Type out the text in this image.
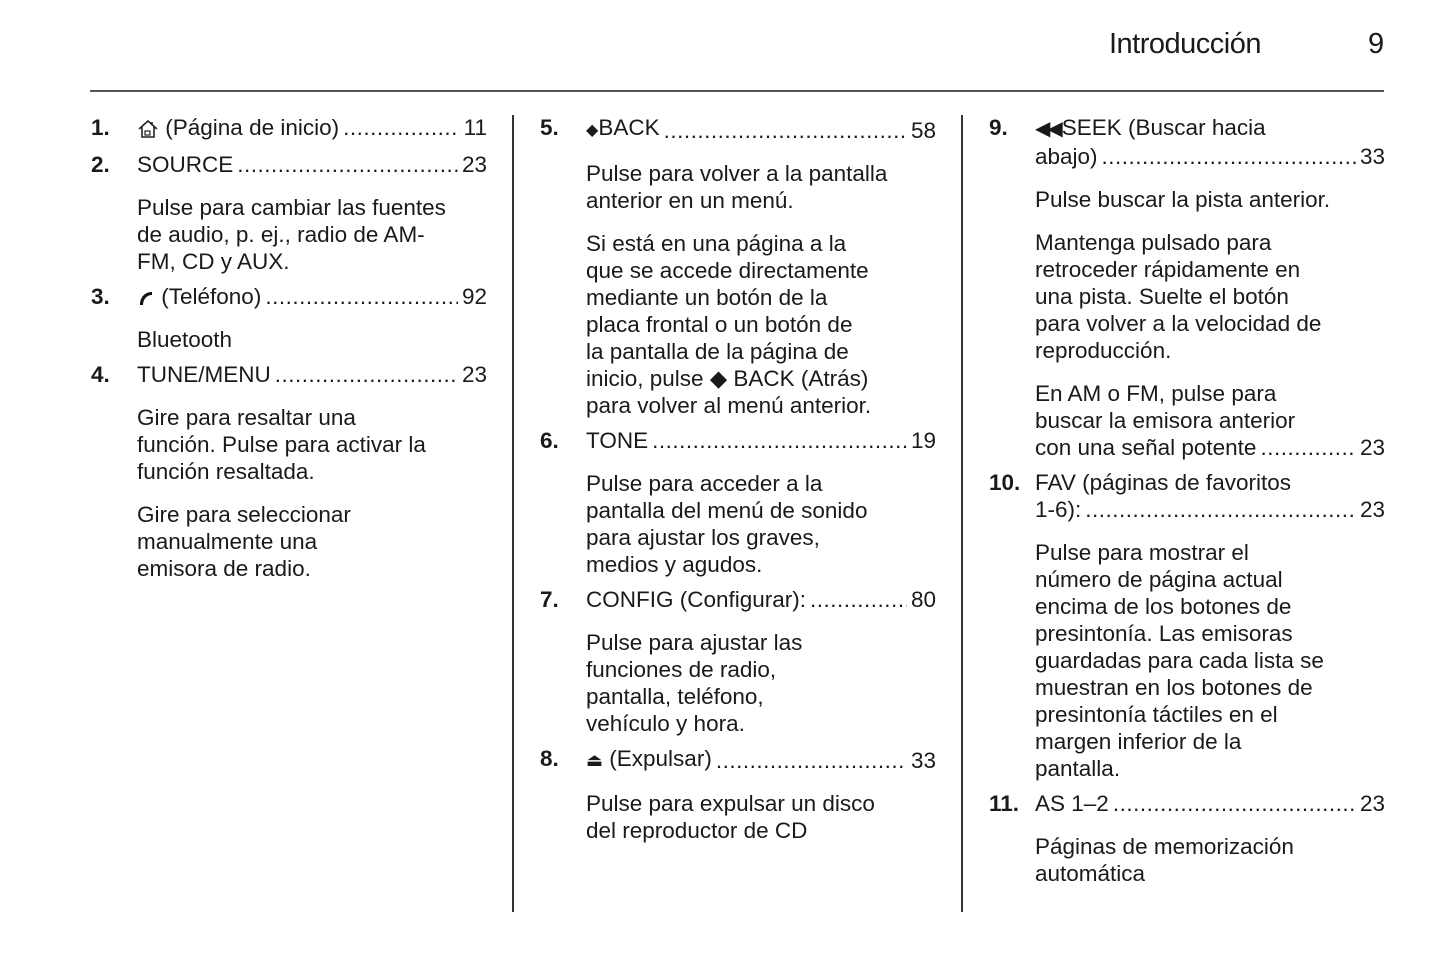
Introducción	9
1.	(Página de inicio) .....	11
2. SOURCE .....	23
Pulse para cambiar las fuentes de audio, p. ej., radio de AM-FM, CD y AUX.
3.	(Teléfono) .....	92
Bluetooth
4. TUNE/MENU .....	23
Gire para resaltar una función. Pulse para activar la función resaltada.
Gire para seleccionar manualmente una emisora de radio.
5. ◆BACK .....	58
Pulse para volver a la pantalla anterior en un menú.
Si está en una página a la que se accede directamente mediante un botón de la placa frontal o un botón de la pantalla de la página de inicio, pulse ◆ BACK (Atrás) para volver al menú anterior.
6. TONE .....	19
Pulse para acceder a la pantalla del menú de sonido para ajustar los graves, medios y agudos.
7. CONFIG (Configurar): .....	80
Pulse para ajustar las funciones de radio, pantalla, teléfono, vehículo y hora.
8. ⏏ (Expulsar) .....	33
Pulse para expulsar un disco del reproductor de CD
9. ◀◀SEEK (Buscar hacia
abajo) .....	33
Pulse buscar la pista anterior.
Mantenga pulsado para retroceder rápidamente en una pista. Suelte el botón para volver a la velocidad de reproducción.
En AM o FM, pulse para
buscar la emisora anterior
con una señal potente .....	23
10. FAV (páginas de favoritos
1-6): .....	23
Pulse para mostrar el número de página actual encima de los botones de presintonía. Las emisoras guardadas para cada lista se muestran en los botones de presintonía táctiles en el margen inferior de la pantalla.
11. AS 1–2 .....	23
Páginas de memorización automática
